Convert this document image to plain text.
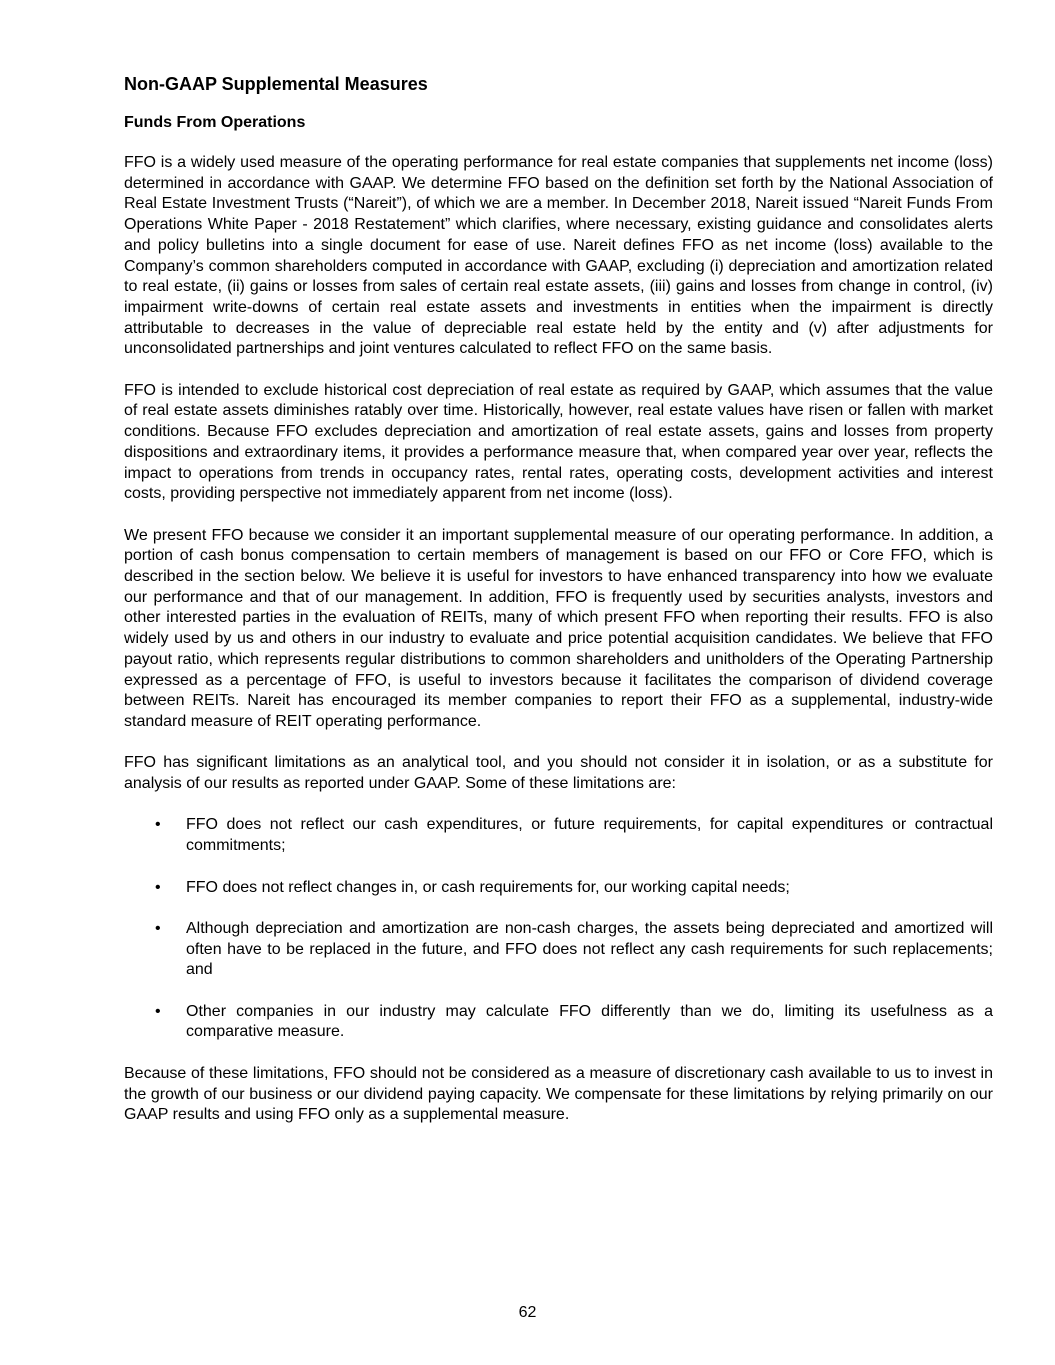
Non-GAAP Supplemental Measures
Funds From Operations

FFO is a widely used measure of the operating performance for real estate companies that supplements net income (loss) determined in accordance with GAAP. We determine FFO based on the definition set forth by the National Association of Real Estate Investment Trusts (“Nareit”), of which we are a member. In December 2018, Nareit issued “Nareit Funds From Operations White Paper - 2018 Restatement” which clarifies, where necessary, existing guidance and consolidates alerts and policy bulletins into a single document for ease of use. Nareit defines FFO as net income (loss) available to the Company’s common shareholders computed in accordance with GAAP, excluding (i) depreciation and amortization related to real estate, (ii) gains or losses from sales of certain real estate assets, (iii) gains and losses from change in control, (iv) impairment write-downs of certain real estate assets and investments in entities when the impairment is directly attributable to decreases in the value of depreciable real estate held by the entity and (v) after adjustments for unconsolidated partnerships and joint ventures calculated to reflect FFO on the same basis.

FFO is intended to exclude historical cost depreciation of real estate as required by GAAP, which assumes that the value of real estate assets diminishes ratably over time. Historically, however, real estate values have risen or fallen with market conditions. Because FFO excludes depreciation and amortization of real estate assets, gains and losses from property dispositions and extraordinary items, it provides a performance measure that, when compared year over year, reflects the impact to operations from trends in occupancy rates, rental rates, operating costs, development activities and interest costs, providing perspective not immediately apparent from net income (loss).

We present FFO because we consider it an important supplemental measure of our operating performance. In addition, a portion of cash bonus compensation to certain members of management is based on our FFO or Core FFO, which is described in the section below. We believe it is useful for investors to have enhanced transparency into how we evaluate our performance and that of our management. In addition, FFO is frequently used by securities analysts, investors and other interested parties in the evaluation of REITs, many of which present FFO when reporting their results. FFO is also widely used by us and others in our industry to evaluate and price potential acquisition candidates. We believe that FFO payout ratio, which represents regular distributions to common shareholders and unitholders of the Operating Partnership expressed as a percentage of FFO, is useful to investors because it facilitates the comparison of dividend coverage between REITs. Nareit has encouraged its member companies to report their FFO as a supplemental, industry-wide standard measure of REIT operating performance.

FFO has significant limitations as an analytical tool, and you should not consider it in isolation, or as a substitute for analysis of our results as reported under GAAP. Some of these limitations are:

• FFO does not reflect our cash expenditures, or future requirements, for capital expenditures or contractual commitments;
• FFO does not reflect changes in, or cash requirements for, our working capital needs;
• Although depreciation and amortization are non-cash charges, the assets being depreciated and amortized will often have to be replaced in the future, and FFO does not reflect any cash requirements for such replacements; and
• Other companies in our industry may calculate FFO differently than we do, limiting its usefulness as a comparative measure.

Because of these limitations, FFO should not be considered as a measure of discretionary cash available to us to invest in the growth of our business or our dividend paying capacity. We compensate for these limitations by relying primarily on our GAAP results and using FFO only as a supplemental measure.

62
